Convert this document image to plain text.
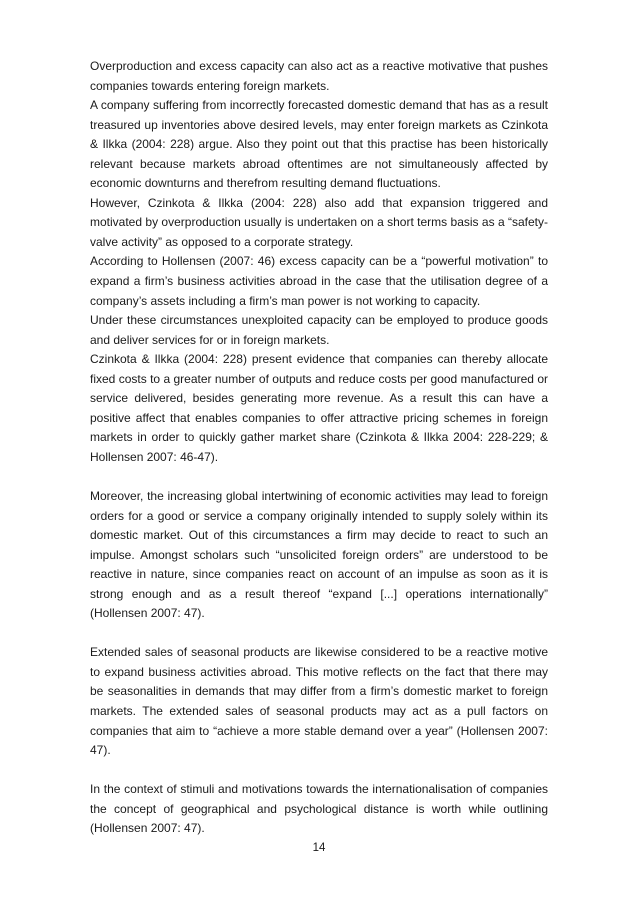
Overproduction and excess capacity can also act as a reactive motivative that pushes companies towards entering foreign markets.

A company suffering from incorrectly forecasted domestic demand that has as a result treasured up inventories above desired levels, may enter foreign markets as Czinkota & Ilkka (2004: 228) argue. Also they point out that this practise has been historically relevant because markets abroad oftentimes are not simultaneously affected by economic downturns and therefrom resulting demand fluctuations.

However, Czinkota & Ilkka (2004: 228) also add that expansion triggered and motivated by overproduction usually is undertaken on a short terms basis as a “safety-valve activity” as opposed to a corporate strategy.

According to Hollensen (2007: 46) excess capacity can be a “powerful motivation” to expand a firm’s business activities abroad in the case that the utilisation degree of a company’s assets including a firm’s man power is not working to capacity.

Under these circumstances unexploited capacity can be employed to produce goods and deliver services for or in foreign markets.

Czinkota & Ilkka (2004: 228) present evidence that companies can thereby allocate fixed costs to a greater number of outputs and reduce costs per good manufactured or service delivered, besides generating more revenue. As a result this can have a positive affect that enables companies to offer attractive pricing schemes in foreign markets in order to quickly gather market share (Czinkota & Ilkka 2004: 228-229; & Hollensen 2007: 46-47).

Moreover, the increasing global intertwining of economic activities may lead to foreign orders for a good or service a company originally intended to supply solely within its domestic market. Out of this circumstances a firm may decide to react to such an impulse. Amongst scholars such “unsolicited foreign orders” are understood to be reactive in nature, since companies react on account of an impulse as soon as it is strong enough and as a result thereof “expand [...] operations internationally” (Hollensen 2007: 47).

Extended sales of seasonal products are likewise considered to be a reactive motive to expand business activities abroad. This motive reflects on the fact that there may be seasonalities in demands that may differ from a firm’s domestic market to foreign markets. The extended sales of seasonal products may act as a pull factors on companies that aim to “achieve a more stable demand over a year” (Hollensen 2007: 47).

In the context of stimuli and motivations towards the internationalisation of companies the concept of geographical and psychological distance is worth while outlining (Hollensen 2007: 47).

14
